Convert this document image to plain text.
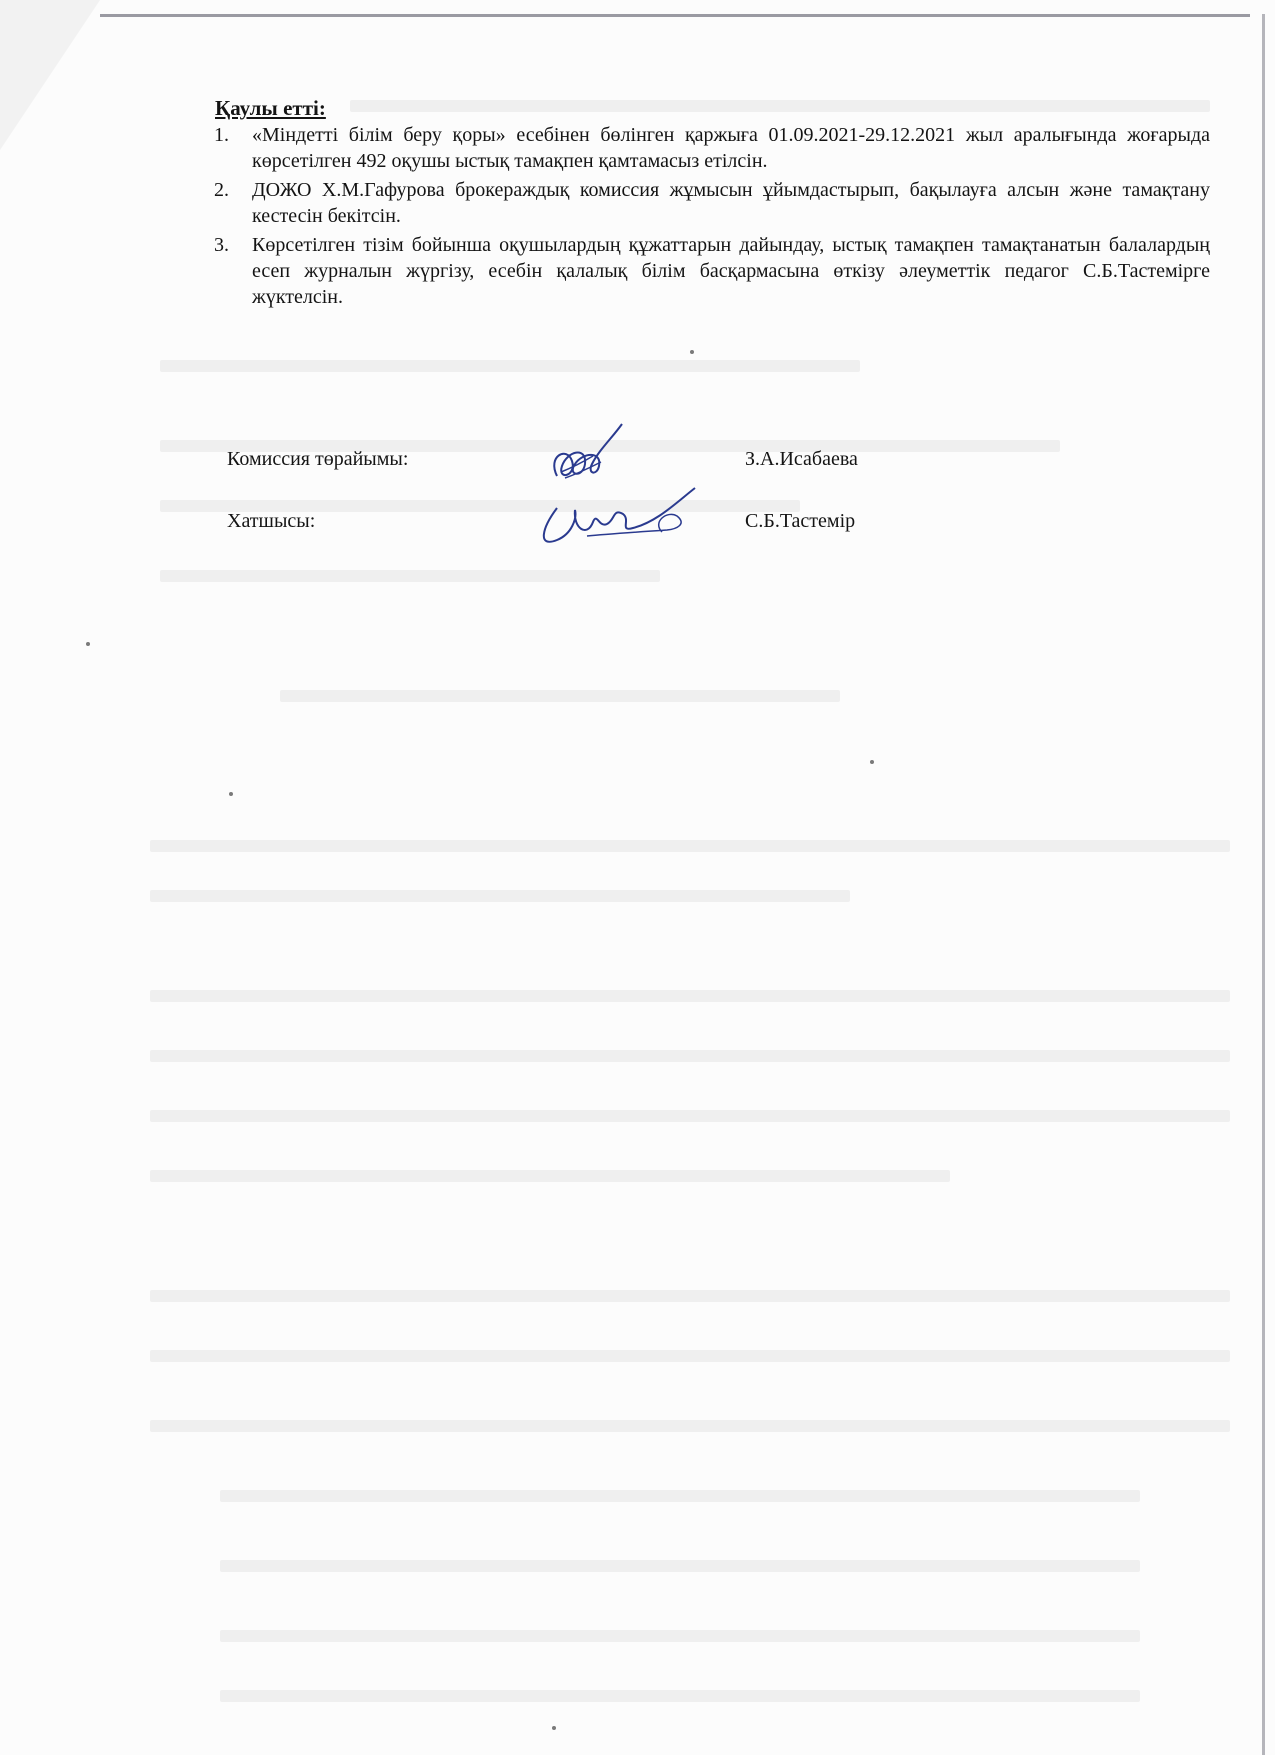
Қаулы етті:

1. «Міндетті білім беру қоры» есебінен бөлінген қаржыға 01.09.2021-29.12.2021 жыл аралығында жоғарыда көрсетілген 492 оқушы ыстық тамақпен қамтамасыз етілсін.
2. ДОЖО Х.М.Гафурова брокераждық комиссия жұмысын ұйымдастырып, бақылауға алсын және тамақтану кестесін бекітсін.
3. Көрсетілген тізім бойынша оқушылардың құжаттарын дайындау, ыстық тамақпен тамақтанатын балалардың есеп журналын жүргізу, есебін қалалық білім басқармасына өткізу әлеуметтік педагог С.Б.Тастемірге жүктелсін.
Комиссия төрайымы:	З.А.Исабаева
Хатшысы:	С.Б.Тастемір
